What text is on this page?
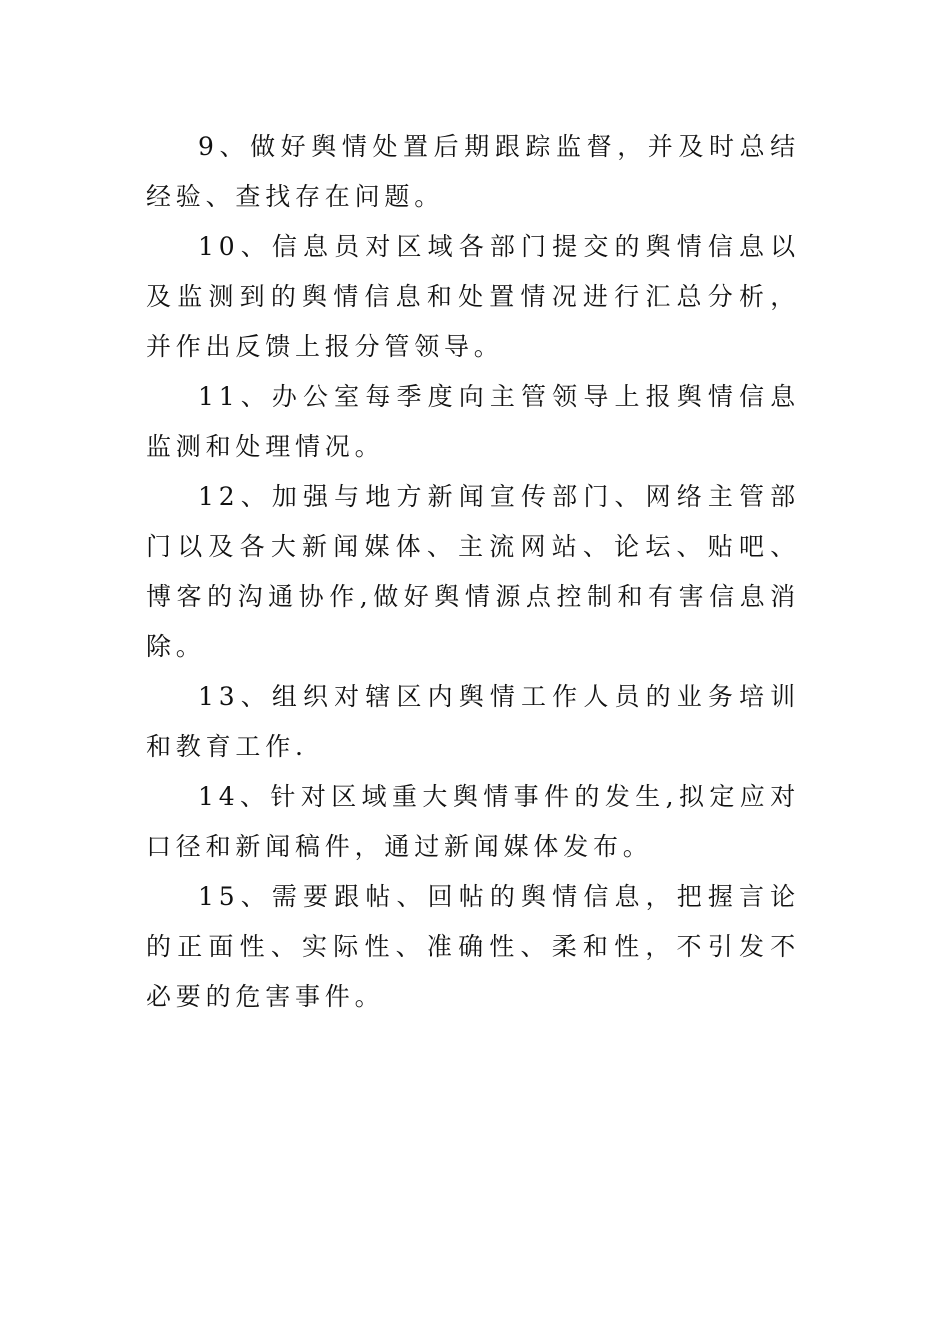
9、做好舆情处置后期跟踪监督，并及时总结经验、查找存在问题。

10、信息员对区域各部门提交的舆情信息以及监测到的舆情信息和处置情况进行汇总分析，并作出反馈上报分管领导。

11、办公室每季度向主管领导上报舆情信息监测和处理情况。

12、加强与地方新闻宣传部门、网络主管部门以及各大新闻媒体、主流网站、论坛、贴吧、博客的沟通协作,做好舆情源点控制和有害信息消除。

13、组织对辖区内舆情工作人员的业务培训和教育工作.

14、针对区域重大舆情事件的发生,拟定应对口径和新闻稿件，通过新闻媒体发布。

15、需要跟帖、回帖的舆情信息，把握言论的正面性、实际性、准确性、柔和性，不引发不必要的危害事件。
